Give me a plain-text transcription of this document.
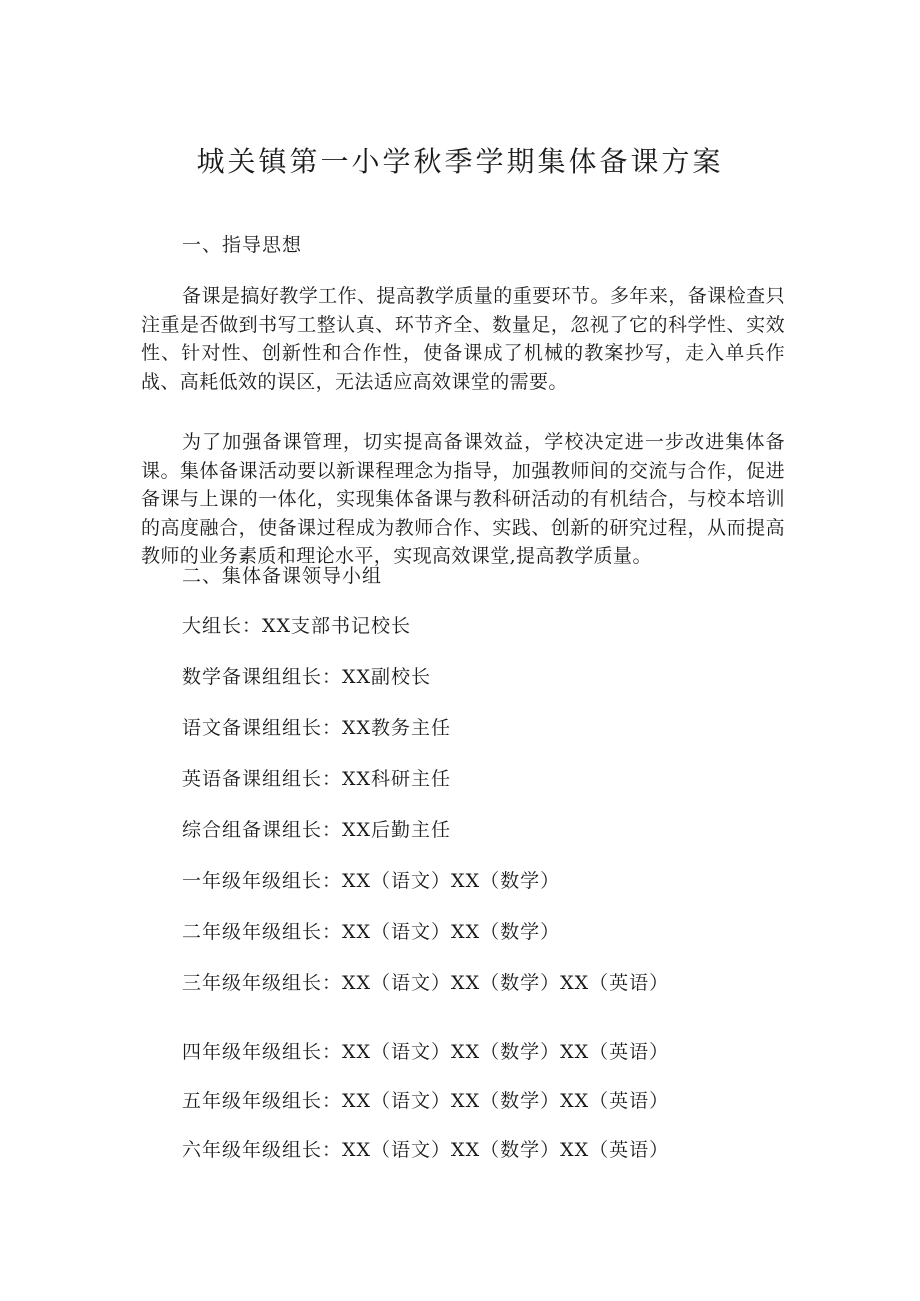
城关镇第一小学秋季学期集体备课方案
一、指导思想
备课是搞好教学工作、提高教学质量的重要环节。多年来，备课检查只注重是否做到书写工整认真、环节齐全、数量足，忽视了它的科学性、实效性、针对性、创新性和合作性，使备课成了机械的教案抄写，走入单兵作战、高耗低效的误区，无法适应高效课堂的需要。
为了加强备课管理，切实提高备课效益，学校决定进一步改进集体备课。集体备课活动要以新课程理念为指导，加强教师间的交流与合作，促进备课与上课的一体化，实现集体备课与教科研活动的有机结合，与校本培训的高度融合，使备课过程成为教师合作、实践、创新的研究过程，从而提高教师的业务素质和理论水平，实现高效课堂,提高教学质量。
二、集体备课领导小组
大组长：XX支部书记校长
数学备课组组长：XX副校长
语文备课组组长：XX教务主任
英语备课组组长：XX科研主任
综合组备课组长：XX后勤主任
一年级年级组长：XX（语文）XX（数学）
二年级年级组长：XX（语文）XX（数学）
三年级年级组长：XX（语文）XX（数学）XX（英语）
四年级年级组长：XX（语文）XX（数学）XX（英语）
五年级年级组长：XX（语文）XX（数学）XX（英语）
六年级年级组长：XX（语文）XX（数学）XX（英语）
